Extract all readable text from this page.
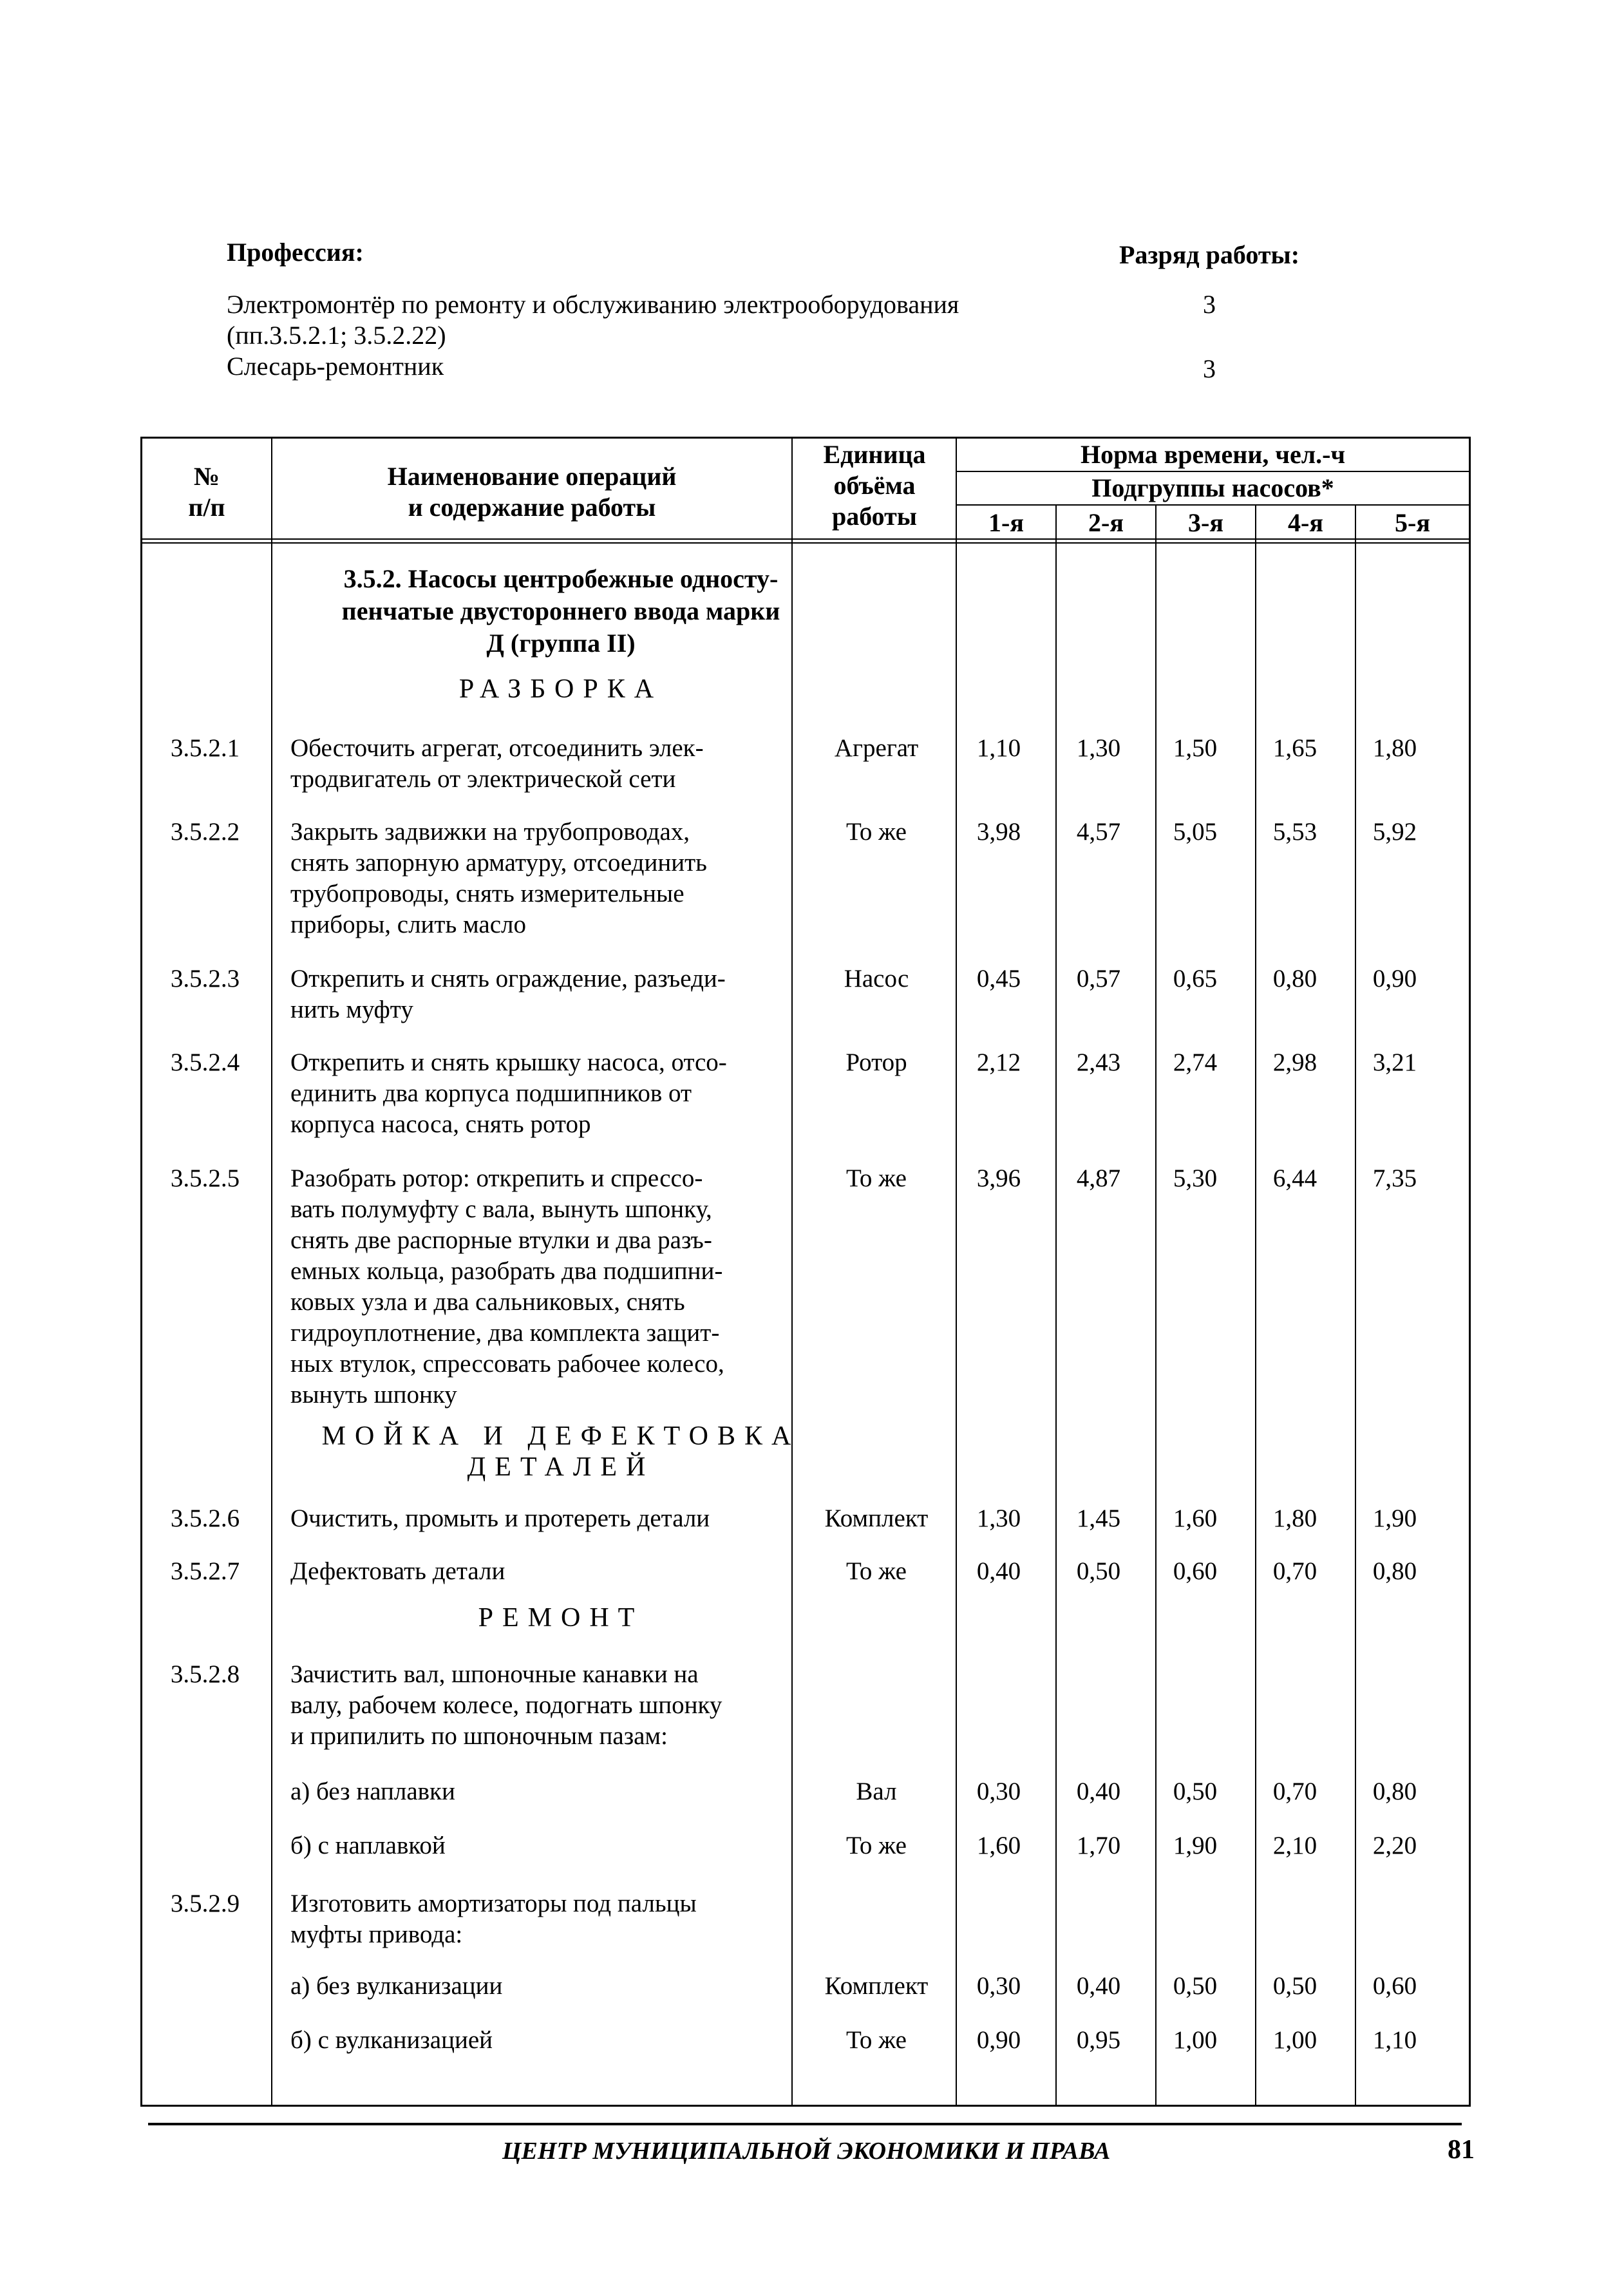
Профессия:	Разряд работы:
Электромонтёр по ремонту и обслуживанию электрооборудования	3
(пп.3.5.2.1; 3.5.2.22)
Слесарь-ремонтник	3
№
п/п
Наименование операций
и содержание работы
Единица
объёма
работы
Норма времени, чел.-ч
Подгруппы насосов*
1-я	2-я	3-я	4-я	5-я
3.5.2. Насосы центробежные односту-
пенчатые двустороннего ввода марки
Д (группа II)
РАЗБОРКА
3.5.2.1	Обесточить агрегат, отсоединить элек-
тродвигатель от электрической сети
Агрегат	1,10	1,30	1,50	1,65	1,80
3.5.2.2	Закрыть задвижки на трубопроводах,
снять запорную арматуру, отсоединить
трубопроводы, снять измерительные
приборы, слить масло
То же	3,98	4,57	5,05	5,53	5,92
3.5.2.3	Открепить и снять ограждение, разъеди-
нить муфту
Насос	0,45	0,57	0,65	0,80	0,90
3.5.2.4	Открепить и снять крышку насоса, отсо-
единить два корпуса подшипников от
корпуса насоса, снять ротор
Ротор	2,12	2,43	2,74	2,98	3,21
3.5.2.5	Разобрать ротор: открепить и спрессо-
вать полумуфту с вала, вынуть шпонку,
снять две распорные втулки и два разъ-
емных кольца, разобрать два подшипни-
ковых узла и два сальниковых, снять
гидроуплотнение, два комплекта защит-
ных втулок, спрессовать рабочее колесо,
вынуть шпонку
То же	3,96	4,87	5,30	6,44	7,35
МОЙКА И ДЕФЕКТОВКА
ДЕТАЛЕЙ
3.5.2.6	Очистить, промыть и протереть детали	Комплект	1,30	1,45	1,60	1,80	1,90
3.5.2.7	Дефектовать детали	То же	0,40	0,50	0,60	0,70	0,80
РЕМОНТ
3.5.2.8	Зачистить вал, шпоночные канавки на
валу, рабочем колесе, подогнать шпонку
и припилить по шпоночным пазам:
а) без наплавки	Вал	0,30	0,40	0,50	0,70	0,80
б) с наплавкой	То же	1,60	1,70	1,90	2,10	2,20
3.5.2.9	Изготовить амортизаторы под пальцы
муфты привода:
а) без вулканизации	Комплект	0,30	0,40	0,50	0,50	0,60
б) с вулканизацией	То же	0,90	0,95	1,00	1,00	1,10
ЦЕНТР МУНИЦИПАЛЬНОЙ ЭКОНОМИКИ И ПРАВА	81
